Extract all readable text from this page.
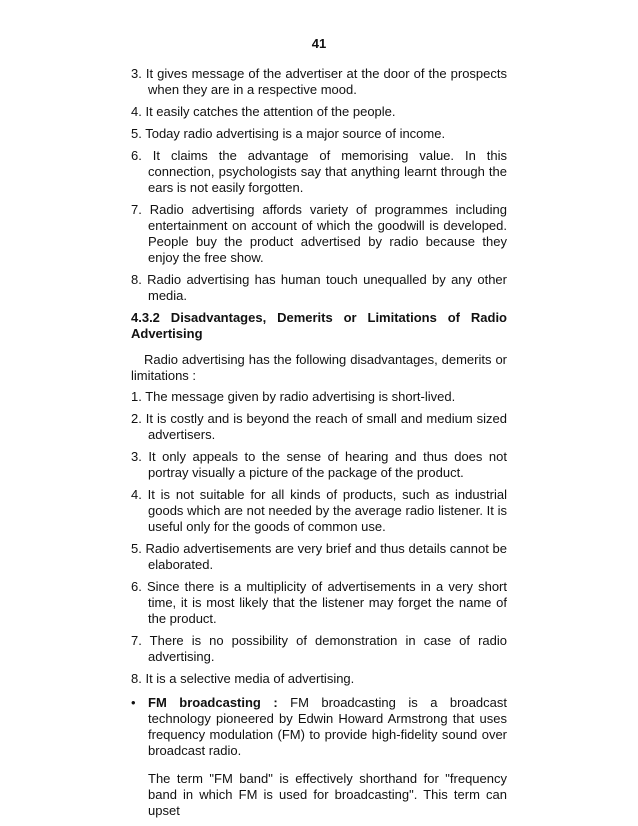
41

3. It gives message of the advertiser at the door of the prospects when they are in a respective mood.

4. It easily catches the attention of the people.

5. Today radio advertising is a major source of income.

6. It claims the advantage of memorising value. In this connection, psychologists say that anything learnt through the ears is not easily forgotten.

7. Radio advertising affords variety of programmes including entertainment on account of which the goodwill is developed. People buy the product advertised by radio because they enjoy the free show.

8. Radio advertising has human touch unequalled by any other media.

4.3.2 Disadvantages, Demerits or Limitations of Radio Advertising

Radio advertising has the following disadvantages, demerits or limitations :

1. The message given by radio advertising is short-lived.

2. It is costly and is beyond the reach of small and medium sized advertisers.

3. It only appeals to the sense of hearing and thus does not portray visually a picture of the package of the product.

4. It is not suitable for all kinds of products, such as industrial goods which are not needed by the average radio listener. It is useful only for the goods of common use.

5. Radio advertisements are very brief and thus details cannot be elaborated.

6. Since there is a multiplicity of advertisements in a very short time, it is most likely that the listener may forget the name of the product.

7. There is no possibility of demonstration in case of radio advertising.

8. It is a selective media of advertising.

• FM broadcasting : FM broadcasting is a broadcast technology pioneered by Edwin Howard Armstrong that uses frequency modulation (FM) to provide high-fidelity sound over broadcast radio.

The term "FM band" is effectively shorthand for "frequency band in which FM is used for broadcasting". This term can upset
